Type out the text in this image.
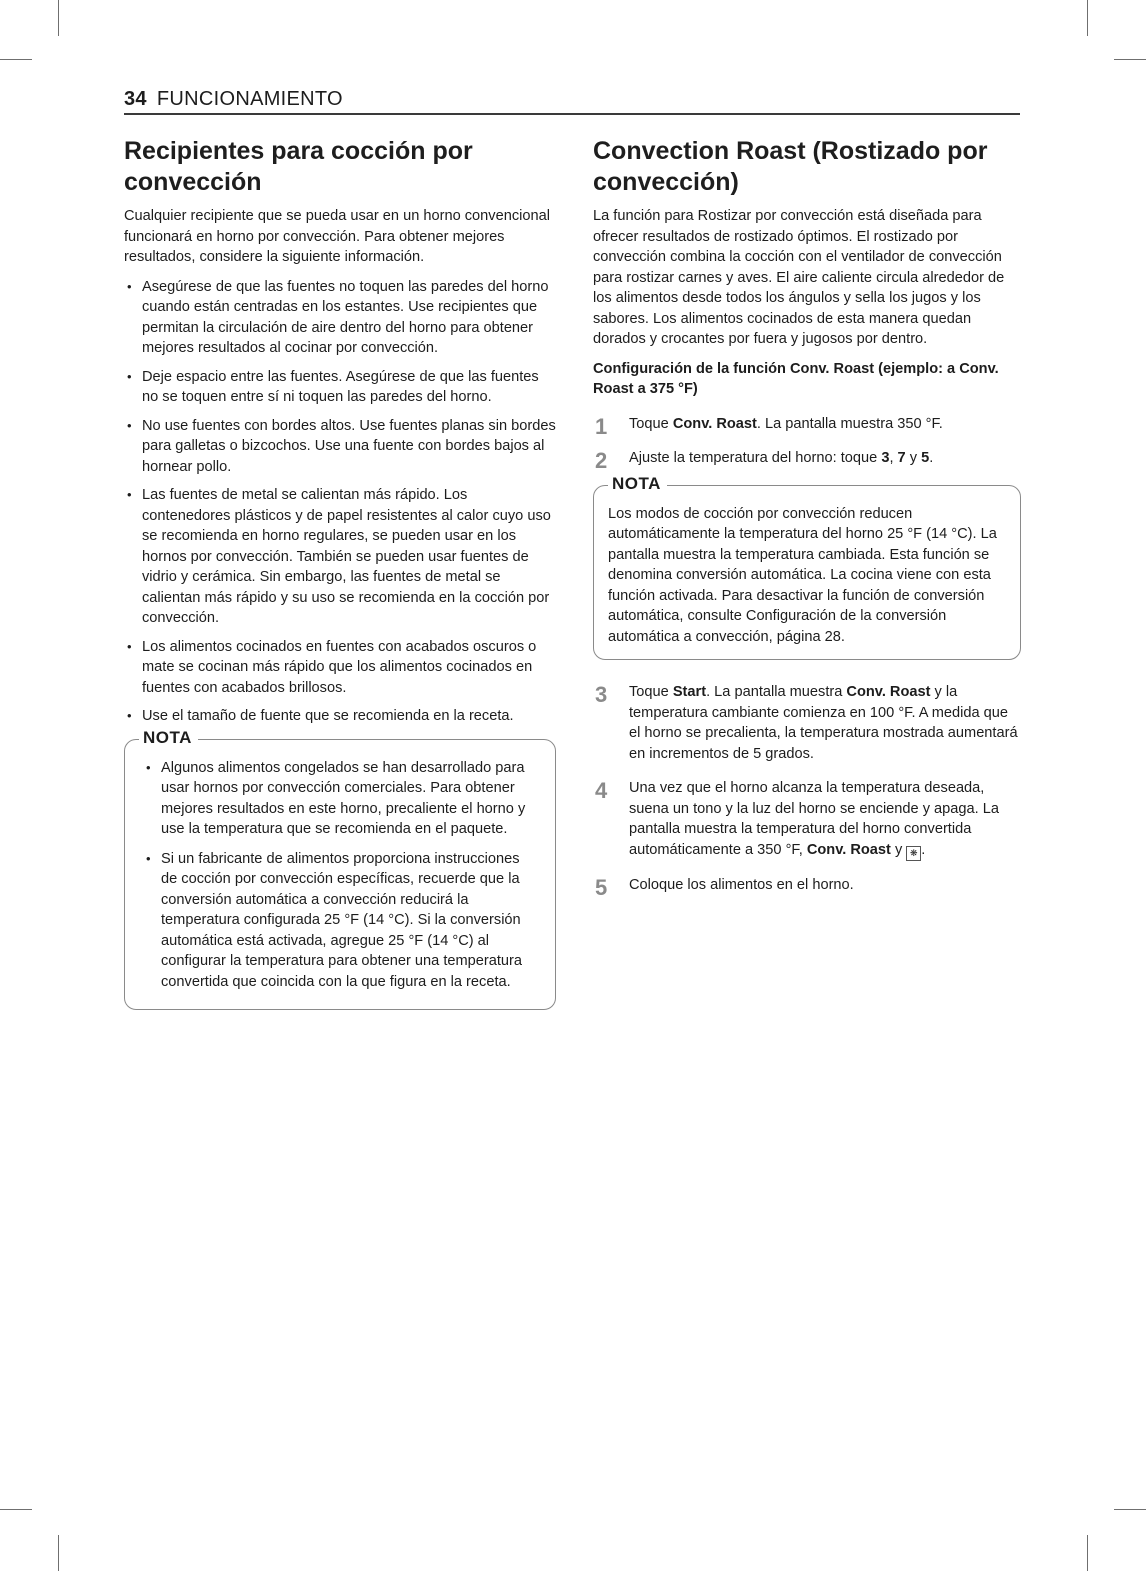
34 FUNCIONAMIENTO
Recipientes para cocción por convección

Cualquier recipiente que se pueda usar en un horno convencional funcionará en horno por convección. Para obtener mejores resultados, considere la siguiente información.

• Asegúrese de que las fuentes no toquen las paredes del horno cuando están centradas en los estantes. Use recipientes que permitan la circulación de aire dentro del horno para obtener mejores resultados al cocinar por convección.
• Deje espacio entre las fuentes. Asegúrese de que las fuentes no se toquen entre sí ni toquen las paredes del horno.
• No use fuentes con bordes altos. Use fuentes planas sin bordes para galletas o bizcochos. Use una fuente con bordes bajos al hornear pollo.
• Las fuentes de metal se calientan más rápido. Los contenedores plásticos y de papel resistentes al calor cuyo uso se recomienda en horno regulares, se pueden usar en los hornos por convección. También se pueden usar fuentes de vidrio y cerámica. Sin embargo, las fuentes de metal se calientan más rápido y su uso se recomienda en la cocción por convección.
• Los alimentos cocinados en fuentes con acabados oscuros o mate se cocinan más rápido que los alimentos cocinados en fuentes con acabados brillosos.
• Use el tamaño de fuente que se recomienda en la receta.
NOTA
• Algunos alimentos congelados se han desarrollado para usar hornos por convección comerciales. Para obtener mejores resultados en este horno, precaliente el horno y use la temperatura que se recomienda en el paquete.
• Si un fabricante de alimentos proporciona instrucciones de cocción por convección específicas, recuerde que la conversión automática a convección reducirá la temperatura configurada 25 °F (14 °C). Si la conversión automática está activada, agregue 25 °F (14 °C) al configurar la temperatura para obtener una temperatura convertida que coincida con la que figura en la receta.
Convection Roast (Rostizado por convección)

La función para Rostizar por convección está diseñada para ofrecer resultados de rostizado óptimos. El rostizado por convección combina la cocción con el ventilador de convección para rostizar carnes y aves. El aire caliente circula alrededor de los alimentos desde todos los ángulos y sella los jugos y los sabores. Los alimentos cocinados de esta manera quedan dorados y crocantes por fuera y jugosos por dentro.

Configuración de la función Conv. Roast (ejemplo: a Conv. Roast a 375 °F)

1 Toque Conv. Roast. La pantalla muestra 350 °F.

2 Ajuste la temperatura del horno: toque 3, 7 y 5.

NOTA

Los modos de cocción por convección reducen automáticamente la temperatura del horno 25 °F (14 °C). La pantalla muestra la temperatura cambiada. Esta función se denomina conversión automática. La cocina viene con esta función activada. Para desactivar la función de conversión automática, consulte Configuración de la conversión automática a convección, página 28.

3 Toque Start. La pantalla muestra Conv. Roast y la temperatura cambiante comienza en 100 °F. A medida que el horno se precalienta, la temperatura mostrada aumentará en incrementos de 5 grados.

4 Una vez que el horno alcanza la temperatura deseada, suena un tono y la luz del horno se enciende y apaga. La pantalla muestra la temperatura del horno convertida automáticamente a 350 °F, Conv. Roast y ❋ .

5 Coloque los alimentos en el horno.
